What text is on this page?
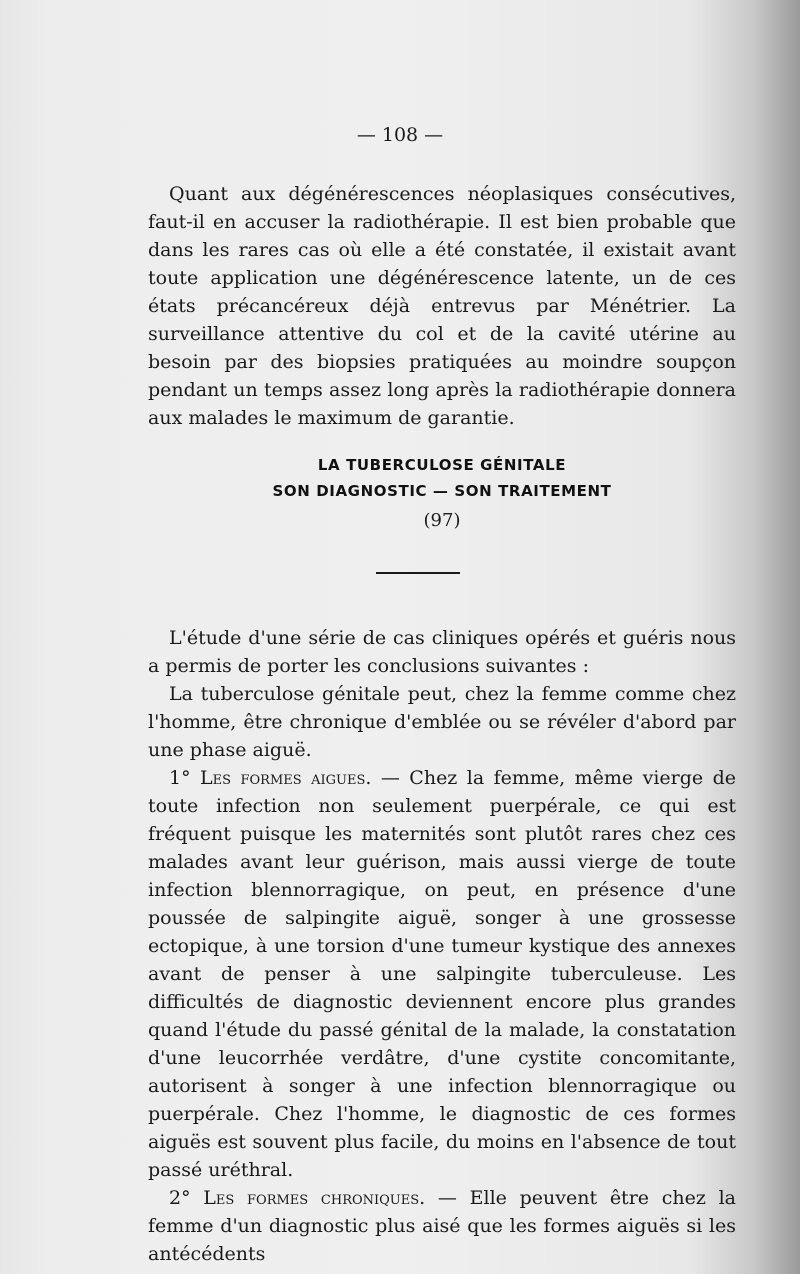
— 108 —

Quant aux dégénérescences néoplasiques consécutives, faut-il en accuser la radiothérapie. Il est bien probable que dans les rares cas où elle a été constatée, il existait avant toute application une dégénérescence latente, un de ces états précancéreux déjà entrevus par Ménétrier. La surveillance attentive du col et de la cavité utérine au besoin par des biopsies pratiquées au moindre soupçon pendant un temps assez long après la radiothérapie donnera aux malades le maximum de garantie.

LA TUBERCULOSE GÉNITALE
SON DIAGNOSTIC — SON TRAITEMENT
(97)

L'étude d'une série de cas cliniques opérés et guéris nous a permis de porter les conclusions suivantes :

La tuberculose génitale peut, chez la femme comme chez l'homme, être chronique d'emblée ou se révéler d'abord par une phase aiguë.

1° Les formes aigues. — Chez la femme, même vierge de toute infection non seulement puerpérale, ce qui est fréquent puisque les maternités sont plutôt rares chez ces malades avant leur guérison, mais aussi vierge de toute infection blennorragique, on peut, en présence d'une poussée de salpingite aiguë, songer à une grossesse ectopique, à une torsion d'une tumeur kystique des annexes avant de penser à une salpingite tuberculeuse. Les difficultés de diagnostic deviennent encore plus grandes quand l'étude du passé génital de la malade, la constatation d'une leucorrhée verdâtre, d'une cystite concomitante, autorisent à songer à une infection blennorragique ou puerpérale. Chez l'homme, le diagnostic de ces formes aiguës est souvent plus facile, du moins en l'absence de tout passé uréthral.

2° Les formes chroniques. — Elle peuvent être chez la femme d'un diagnostic plus aisé que les formes aiguës si les antécédents
